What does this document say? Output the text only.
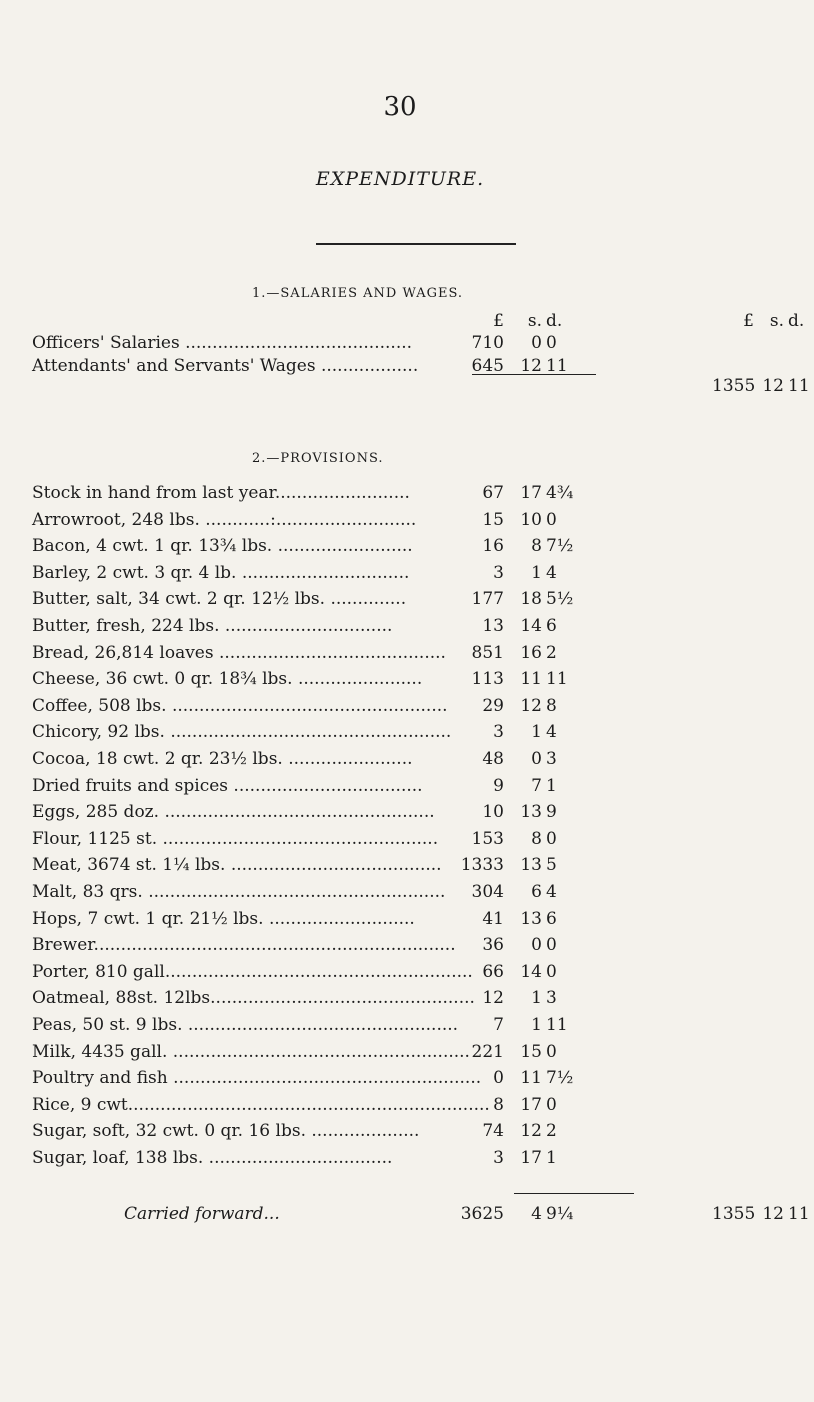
30
EXPENDITURE.
1.—SALARIES AND WAGES.
£	s. d.	£ s. d.
Officers' Salaries ..........................................	710	0 0
Attendants' and Servants' Wages ..................	645 12 11
1355 12 11
2.—PROVISIONS.
Stock in hand from last year.........................	67 17 4¾
Arrowroot, 248 lbs. ............:..........................	15 10 0
Bacon, 4 cwt. 1 qr. 13¾ lbs. .........................	16	8 7½
Barley, 2 cwt. 3 qr. 4 lb. ...............................	3	1 4
Butter, salt, 34 cwt. 2 qr. 12½ lbs. ..............	177 18 5½
Butter, fresh, 224 lbs. ...............................	13 14 6
Bread, 26,814 loaves ..........................................	851 16 2
Cheese, 36 cwt. 0 qr. 18¾ lbs. .......................	113 11 11
Coffee, 508 lbs. ...................................................	29 12 8
Chicory, 92 lbs. ....................................................	3	1 4
Cocoa, 18 cwt. 2 qr. 23½ lbs. .......................	48	0 3
Dried fruits and spices ...................................	9	7 1
Eggs, 285 doz. ..................................................	10 13 9
Flour, 1125 st. ...................................................	153	8 0
Meat, 3674 st. 1¼ lbs. .......................................	1333 13 5
Malt, 83 qrs. .......................................................	304	6 4
Hops, 7 cwt. 1 qr. 21½ lbs. ...........................	41 13 6
Brewer...................................................................	36	0 0
Porter, 810 gall......................................................... 66 14 0
Oatmeal, 88st. 12lbs................................................. 12	1 3
Peas, 50 st. 9 lbs. ..................................................	7	1 11
Milk, 4435 gall. ....................................................... 221 15 0
Poultry and fish ......................................................... 0 11 7½
Rice, 9 cwt................................................................... 8 17 0
Sugar, soft, 32 cwt. 0 qr. 16 lbs. ....................	74 12 2
Sugar, loaf, 138 lbs. ..................................	3 17 1
Carried forward...	3625	4 9¼	1355 12 11
